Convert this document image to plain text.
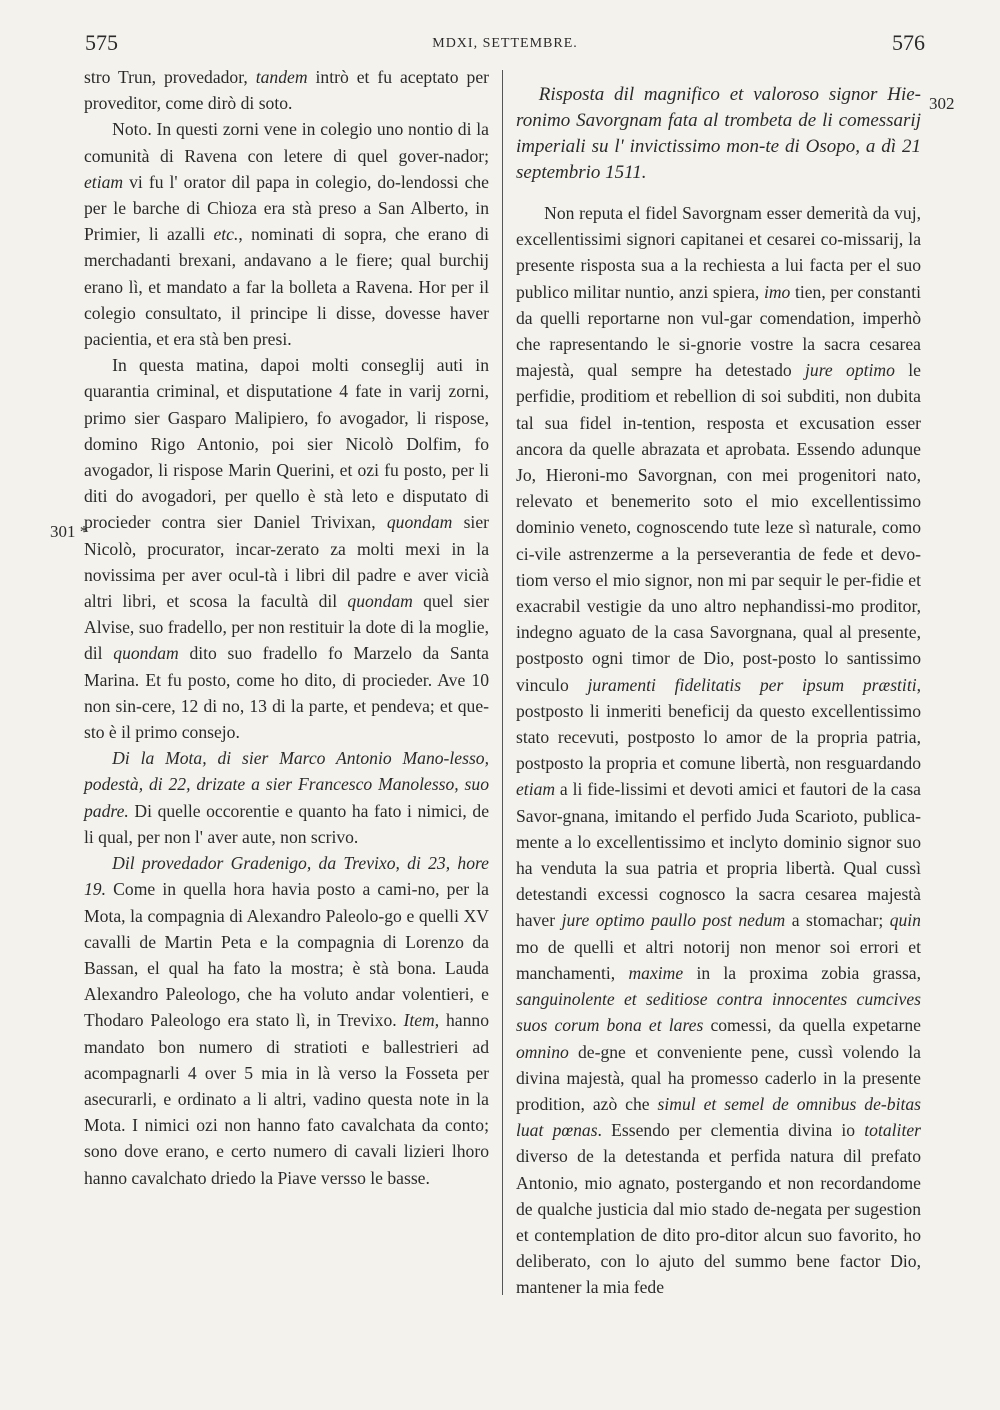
575	MDXI, SETTEMBRE.	576
301 *
302

stro Trun, provedador, tandem intrò et fu aceptato per proveditor, come dirò di soto.

Noto. In questi zorni vene in colegio uno nontio di la comunità di Ravena con letere di quel gover-nador; etiam vi fu l' orator dil papa in colegio, do-lendossi che per le barche di Chioza era stà preso a San Alberto, in Primier, li azalli etc., nominati di sopra, che erano di merchadanti brexani, andavano a le fiere; qual burchij erano lì, et mandato a far la bolleta a Ravena. Hor per il colegio consultato, il principe li disse, dovesse haver pacientia, et era stà ben presi.

In questa matina, dapoi molti conseglij auti in quarantia criminal, et disputatione 4 fate in varij zorni, primo sier Gasparo Malipiero, fo avogador, li rispose, domino Rigo Antonio, poi sier Nicolò Dolfim, fo avogador, li rispose Marin Querini, et ozi fu posto, per li diti do avogadori, per quello è stà leto e disputato di procieder contra sier Daniel Trivixan, quondam sier Nicolò, procurator, incar-zerato za molti mexi in la novissima per aver ocul-tà i libri dil padre e aver vicià altri libri, et scosa la facultà dil quondam quel sier Alvise, suo fradello, per non restituir la dote di la moglie, dil quondam dito suo fradello fo Marzelo da Santa Marina. Et fu posto, come ho dito, di procieder. Ave 10 non sin-cere, 12 di no, 13 di la parte, et pendeva; et que-sto è il primo consejo.

Di la Mota, di sier Marco Antonio Mano-lesso, podestà, di 22, drizate a sier Francesco Manolesso, suo padre. Di quelle occorentie e quanto ha fato i nimici, de li qual, per non l' aver aute, non scrivo.

Dil provedador Gradenigo, da Trevixo, di 23, hore 19. Come in quella hora havia posto a cami-no, per la Mota, la compagnia di Alexandro Paleolo-go e quelli XV cavalli de Martin Peta e la compagnia di Lorenzo da Bassan, el qual ha fato la mostra; è stà bona. Lauda Alexandro Paleologo, che ha voluto andar volentieri, e Thodaro Paleologo era stato lì, in Trevixo. Item, hanno mandato bon numero di stratioti e ballestrieri ad acompagnarli 4 over 5 mia in là verso la Fosseta per asecurarli, e ordinato a li altri, vadino questa note in la Mota. I nimici ozi non hanno fato cavalchata da conto; sono dove erano, e certo numero di cavali lizieri lhoro hanno cavalchato driedo la Piave versso le basse.

Risposta dil magnifico et valoroso signor Hie-ronimo Savorgnam fata al trombeta de li comessarij imperiali su l' invictissimo mon-te di Osopo, a dì 21 septembrio 1511.

Non reputa el fidel Savorgnam esser demerità da vuj, excellentissimi signori capitanei et cesarei co-missarij, la presente risposta sua a la rechiesta a lui facta per el suo publico militar nuntio, anzi spiera, imo tien, per constanti da quelli reportarne non vul-gar comendation, imperhò che rapresentando le si-gnorie vostre la sacra cesarea majestà, qual sempre ha detestado jure optimo le perfidie, proditiom et rebellion di soi subditi, non dubita tal sua fidel in-tention, resposta et excusation esser ancora da quelle abrazata et aprobata. Essendo adunque Jo, Hieroni-mo Savorgnan, con mei progenitori nato, relevato et benemerito soto el mio excellentissimo dominio veneto, cognoscendo tute leze sì naturale, como ci-vile astrenzerme a la perseverantia de fede et devo-tiom verso el mio signor, non mi par sequir le per-fidie et exacrabil vestigie da uno altro nephandissi-mo proditor, indegno aguato de la casa Savorgnana, qual al presente, postposto ogni timor de Dio, post-posto lo santissimo vinculo juramenti fidelitatis per ipsum præstiti, postposto li inmeriti beneficij da questo excellentissimo stato recevuti, postposto lo amor de la propria patria, postposto la propria et comune libertà, non resguardando etiam a li fide-lissimi et devoti amici et fautori de la casa Savor-gnana, imitando el perfido Juda Scarioto, publica-mente a lo excellentissimo et inclyto dominio signor suo ha venduta la sua patria et propria libertà. Qual cussì detestandi excessi cognosco la sacra cesarea majestà haver jure optimo paullo post nedum a stomachar; quin mo de quelli et altri notorij non menor soi errori et manchamenti, maxime in la proxima zobia grassa, sanguinolente et seditiose contra innocentes cumcives suos corum bona et lares comessi, da quella expetarne omnino de-gne et conveniente pene, cussì volendo la divina majestà, qual ha promesso caderlo in la presente prodition, azò che simul et semel de omnibus de-bitas luat pœnas. Essendo per clementia divina io totaliter diverso de la detestanda et perfida natura dil prefato Antonio, mio agnato, postergando et non recordandome de qualche justicia dal mio stado de-negata per sugestion et contemplation de dito pro-ditor alcun suo favorito, ho deliberato, con lo ajuto del summo bene factor Dio, mantener la mia fede
